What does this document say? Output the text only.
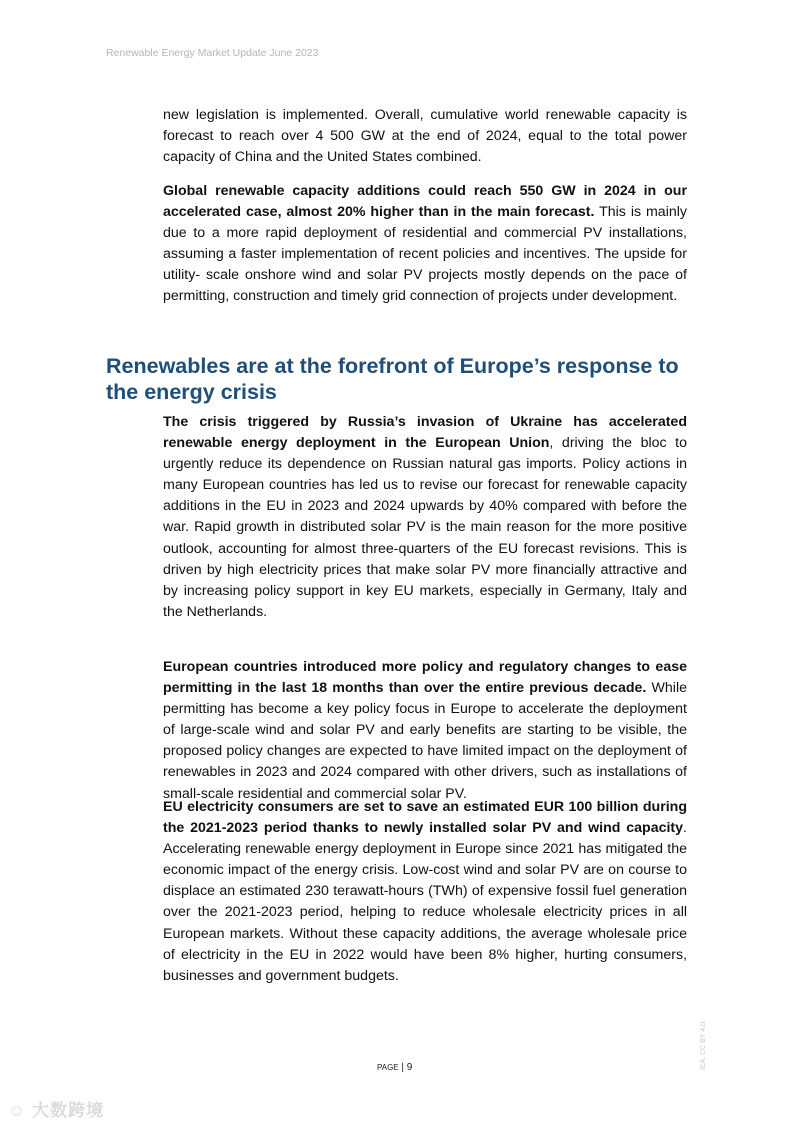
Renewable Energy Market Update June 2023

new legislation is implemented. Overall, cumulative world renewable capacity is forecast to reach over 4 500 GW at the end of 2024, equal to the total power capacity of China and the United States combined.

Global renewable capacity additions could reach 550 GW in 2024 in our accelerated case, almost 20% higher than in the main forecast. This is mainly due to a more rapid deployment of residential and commercial PV installations, assuming a faster implementation of recent policies and incentives. The upside for utility- scale onshore wind and solar PV projects mostly depends on the pace of permitting, construction and timely grid connection of projects under development.

Renewables are at the forefront of Europe’s response to the energy crisis

The crisis triggered by Russia’s invasion of Ukraine has accelerated renewable energy deployment in the European Union, driving the bloc to urgently reduce its dependence on Russian natural gas imports. Policy actions in many European countries has led us to revise our forecast for renewable capacity additions in the EU in 2023 and 2024 upwards by 40% compared with before the war. Rapid growth in distributed solar PV is the main reason for the more positive outlook, accounting for almost three-quarters of the EU forecast revisions. This is driven by high electricity prices that make solar PV more financially attractive and by increasing policy support in key EU markets, especially in Germany, Italy and the Netherlands.

European countries introduced more policy and regulatory changes to ease permitting in the last 18 months than over the entire previous decade. While permitting has become a key policy focus in Europe to accelerate the deployment of large-scale wind and solar PV and early benefits are starting to be visible, the proposed policy changes are expected to have limited impact on the deployment of renewables in 2023 and 2024 compared with other drivers, such as installations of small-scale residential and commercial solar PV.

EU electricity consumers are set to save an estimated EUR 100 billion during the 2021-2023 period thanks to newly installed solar PV and wind capacity. Accelerating renewable energy deployment in Europe since 2021 has mitigated the economic impact of the energy crisis. Low-cost wind and solar PV are on course to displace an estimated 230 terawatt-hours (TWh) of expensive fossil fuel generation over the 2021-2023 period, helping to reduce wholesale electricity prices in all European markets. Without these capacity additions, the average wholesale price of electricity in the EU in 2022 would have been 8% higher, hurting consumers, businesses and government budgets.

PAGE | 9	IEA. CC BY 4.0.
☺ 大数跨境
